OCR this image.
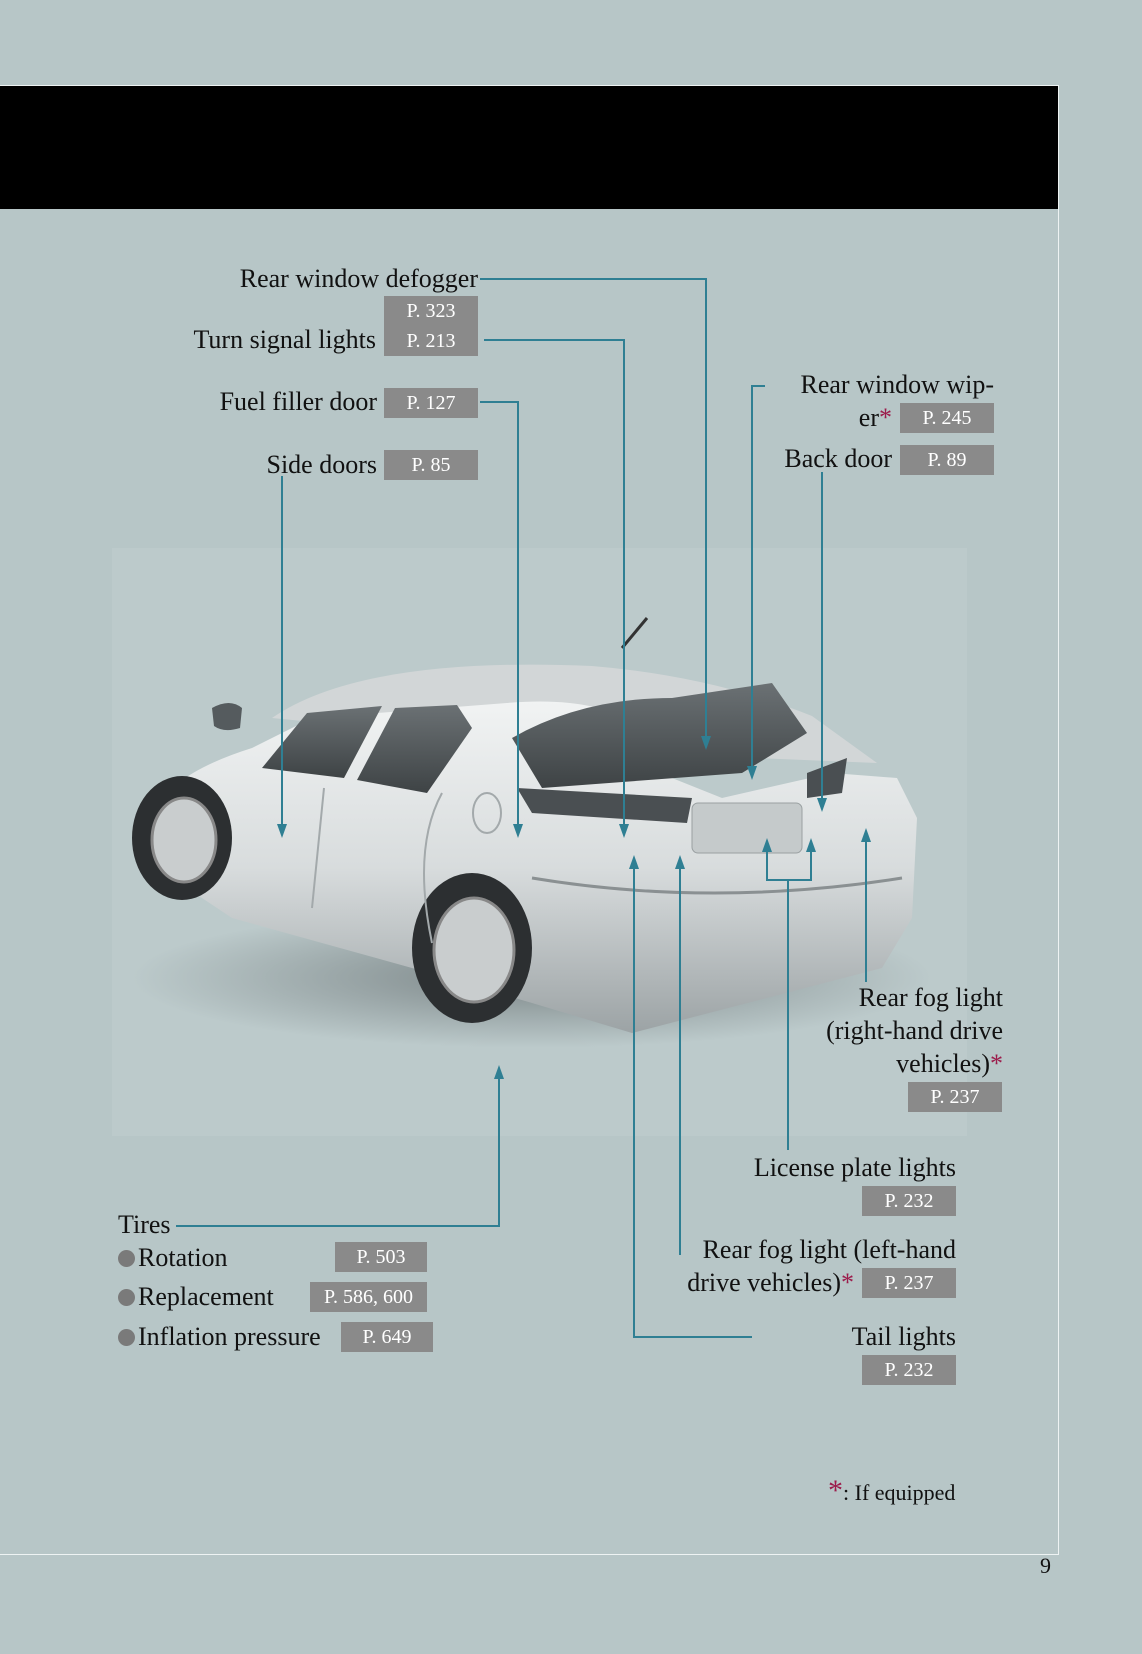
Rear window defogger
P. 323
Turn signal lights	P. 213
Fuel filler door	P. 127
Side doors	P. 85
Rear window wip-
er*	P. 245
Back door	P. 89
Rear fog light
(right-hand drive
vehicles)*
P. 237
License plate lights
P. 232
Rear fog light (left-hand
drive vehicles)*	P. 237
Tail lights
P. 232
Tires
Rotation	P. 503
Replacement	P. 586, 600
Inflation pressure	P. 649
*: If equipped
9
